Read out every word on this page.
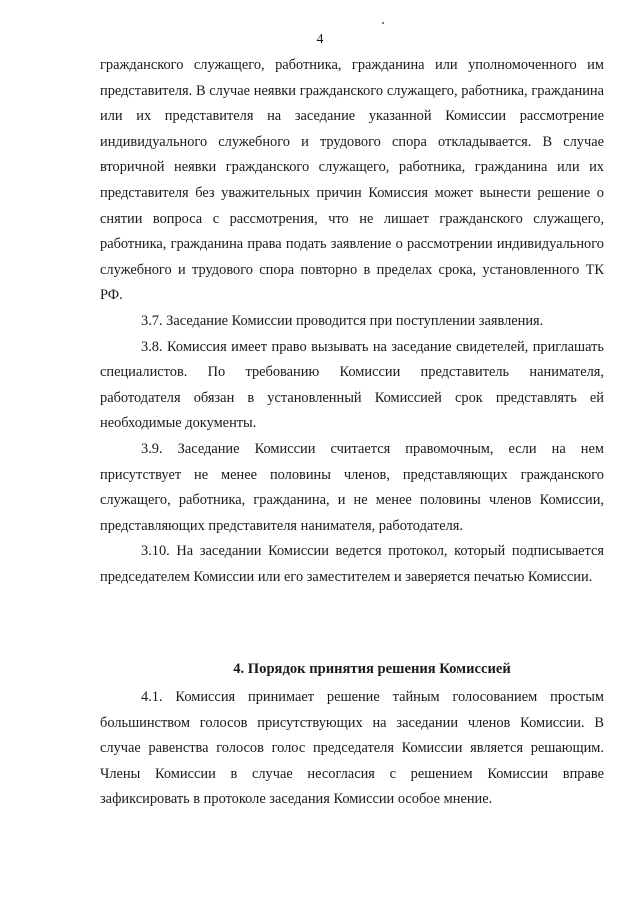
4

гражданского служащего, работника, гражданина или уполномоченного им представителя. В случае неявки гражданского служащего, работника, гражданина или их представителя на заседание указанной Комиссии рассмотрение индивидуального служебного и трудового спора откладывается. В случае вторичной неявки гражданского служащего, работника, гражданина или их представителя без уважительных причин Комиссия может вынести решение о снятии вопроса с рассмотрения, что не лишает гражданского служащего, работника, гражданина права подать заявление о рассмотрении индивидуального служебного и трудового спора повторно в пределах срока, установленного ТК РФ.

3.7. Заседание Комиссии проводится при поступлении заявления.

3.8. Комиссия имеет право вызывать на заседание свидетелей, приглашать специалистов. По требованию Комиссии представитель нанимателя, работодателя обязан в установленный Комиссией срок представлять ей необходимые документы.

3.9. Заседание Комиссии считается правомочным, если на нем присутствует не менее половины членов, представляющих гражданского служащего, работника, гражданина, и не менее половины членов Комиссии, представляющих представителя нанимателя, работодателя.

3.10. На заседании Комиссии ведется протокол, который подписывается председателем Комиссии или его заместителем и заверяется печатью Комиссии.

4. Порядок принятия решения Комиссией

4.1. Комиссия принимает решение тайным голосованием простым большинством голосов присутствующих на заседании членов Комиссии. В случае равенства голосов голос председателя Комиссии является решающим. Члены Комиссии в случае несогласия с решением Комиссии вправе зафиксировать в протоколе заседания Комиссии особое мнение.
